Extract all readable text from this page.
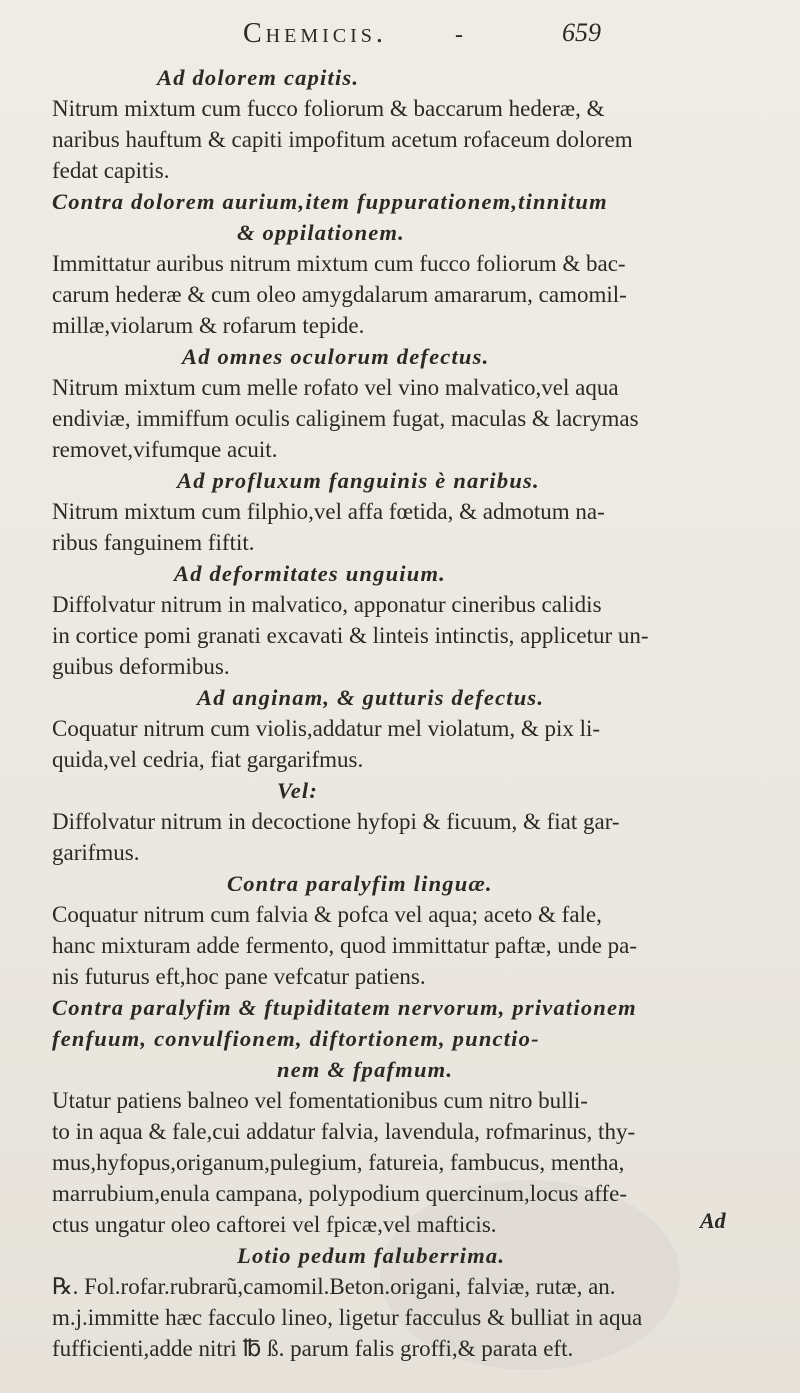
Chemicis.	-	659
Ad dolorem capitis.
Nitrum mixtum cum fucco foliorum & baccarum hederæ, &
naribus hauftum & capiti impofitum acetum rofaceum dolorem
fedat capitis.
Contra dolorem aurium,item fuppurationem,tinnitum
& oppilationem.
Immittatur auribus nitrum mixtum cum fucco foliorum & bac-
carum hederæ & cum oleo amygdalarum amararum, camomil-
millæ,violarum & rofarum tepide.
Ad omnes oculorum defectus.
Nitrum mixtum cum melle rofato vel vino malvatico,vel aqua
endiviæ, immiffum oculis caliginem fugat, maculas & lacrymas
removet,vifumque acuit.
Ad profluxum fanguinis è naribus.
Nitrum mixtum cum filphio,vel affa fœtida, & admotum na-
ribus fanguinem fiftit.
Ad deformitates unguium.
Diffolvatur nitrum in malvatico, apponatur cineribus calidis
in cortice pomi granati excavati & linteis intinctis, applicetur un-
guibus deformibus.
Ad anginam, & gutturis defectus.
Coquatur nitrum cum violis,addatur mel violatum, & pix li-
quida,vel cedria, fiat gargarifmus.
Vel:
Diffolvatur nitrum in decoctione hyfopi & ficuum, & fiat gar-
garifmus.
Contra paralyfim linguæ.
Coquatur nitrum cum falvia & pofca vel aqua; aceto & fale,
hanc mixturam adde fermento, quod immittatur paftæ, unde pa-
nis futurus eft,hoc pane vefcatur patiens.
Contra paralyfim & ftupiditatem nervorum, privationem
fenfuum, convulfionem, diftortionem, punctio-
nem & fpafmum.
Utatur patiens balneo vel fomentationibus cum nitro bulli-
to in aqua & fale,cui addatur falvia, lavendula, rofmarinus, thy-
mus,hyfopus,origanum,pulegium, fatureia, fambucus, mentha,
marrubium,enula campana, polypodium quercinum,locus affe-
ctus ungatur oleo caftorei vel fpicæ,vel mafticis.
Lotio pedum faluberrima.
℞. Fol.rofar.rubrarũ,camomil.Beton.origani, falviæ, rutæ, an.
m.j.immitte hæc facculo lineo, ligetur facculus & bulliat in aqua
fufficienti,adde nitri ℔ ß. parum falis groffi,& parata eft.
Ad
